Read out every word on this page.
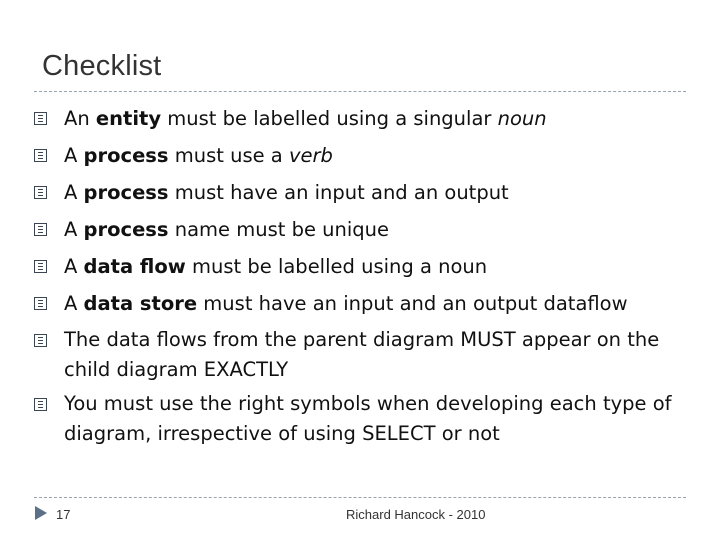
Checklist
An entity must be labelled using a singular noun
A process must use a verb
A process must have an input and an output
A process name must be unique
A data flow must be labelled using a noun
A data store must have an input and an output dataflow
The data flows from the parent diagram MUST appear on the child diagram EXACTLY
You must use the right symbols when developing each type of diagram, irrespective of using SELECT or not
17	Richard Hancock - 2010
